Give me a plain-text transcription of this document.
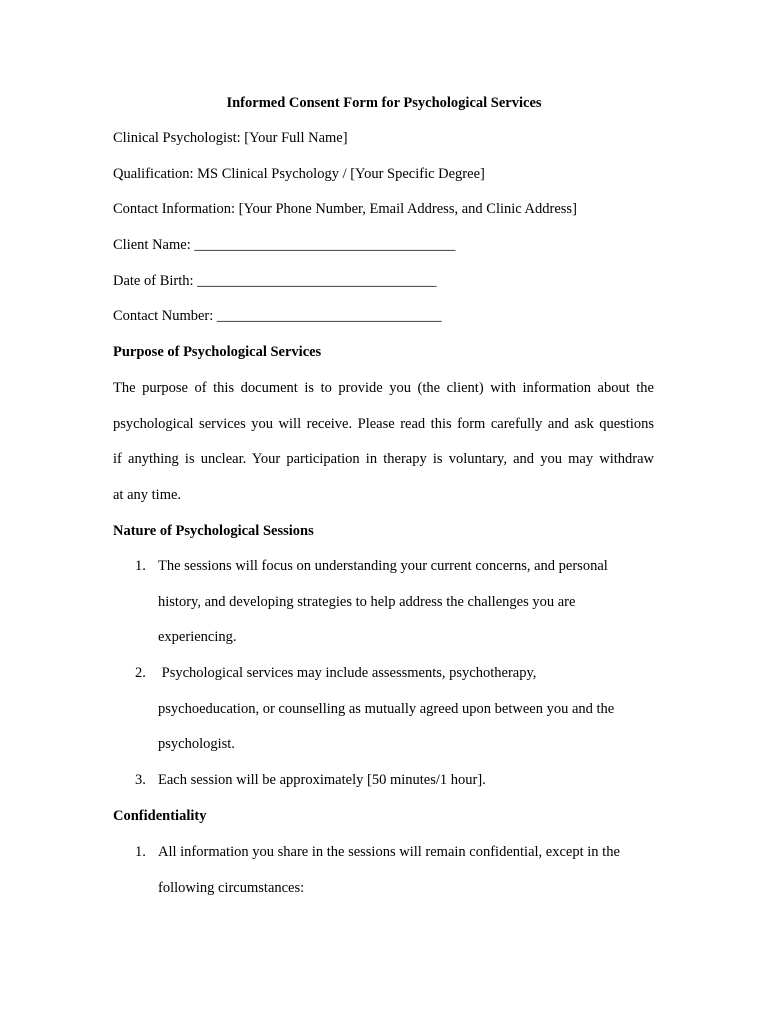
Informed Consent Form for Psychological Services
Clinical Psychologist: [Your Full Name]
Qualification: MS Clinical Psychology / [Your Specific Degree]
Contact Information: [Your Phone Number, Email Address, and Clinic Address]
Client Name: ____________________________________
Date of Birth: _________________________________
Contact Number: _______________________________
Purpose of Psychological Services
The purpose of this document is to provide you (the client) with information about the
psychological services you will receive. Please read this form carefully and ask questions
if anything is unclear. Your participation in therapy is voluntary, and you may withdraw
at any time.
Nature of Psychological Sessions
1. The sessions will focus on understanding your current concerns, and personal
history, and developing strategies to help address the challenges you are
experiencing.
2. Psychological services may include assessments, psychotherapy,
psychoeducation, or counselling as mutually agreed upon between you and the
psychologist.
3. Each session will be approximately [50 minutes/1 hour].
Confidentiality
1. All information you share in the sessions will remain confidential, except in the
following circumstances:
